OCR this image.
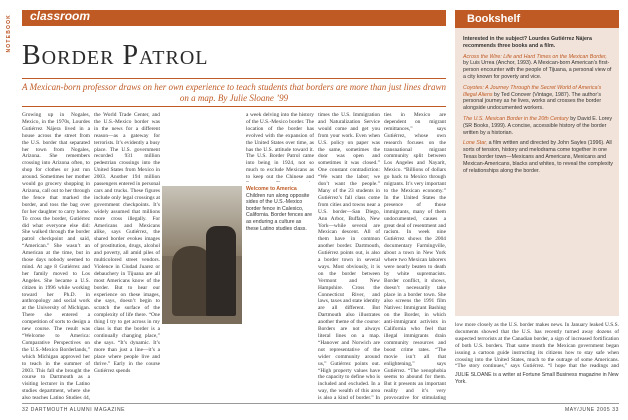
NOTEBOOK classroom
Border Patrol
A Mexican-born professor draws on her own experience to teach students that borders are more than just lines drawn on a map. By Julie Sloane ’99
Growing up in Nogales, Mexico, in the 1970s, Lourdes Gutiérrez Nájera lived in a house across the street from the U.S. border that separated her town from Nogales, Arizona. She remembers crossing into Arizona often, to shop for clothes or just run around. Sometimes her mother would go grocery shopping in Arizona, call out to her through the fence that marked the border, and toss the bag over for her daughter to carry home. To cross the border, Gutiérrez did what everyone else did: She walked through the border patrol checkpoint and said, “American.” She wasn’t an American at the time, but in those days nobody seemed to mind. At age 8 Gutiérrez and her family moved to Los Angeles. She became a U.S. citizen in 1996 while working toward her Ph.D. in anthropology and social work at the University of Michigan. There she entered a competition of sorts to design a new course. The result was “Welcome to America: Comparative Perspectives on the U.S.-Mexico Borderlands,” which Michigan approved her to teach in the summer of 2003. This fall she brought the course to Dartmouth as a visiting lecturer in the Latino studies department, where she also teaches Latino Studies 44,
the World Trade Center, and the U.S.-Mexico border was in the news for a different reason—as a gateway for terrorists. It’s evidently a busy place. The U.S. government recorded 931 million pedestrian crossings into the United States from Mexico in 2003. Another 194 million passengers entered in personal cars and trucks. These figures include only legal crossings at government checkpoints. It’s widely assumed that millions more cross illegally. For Americans and Mexicans alike, says Gutiérrez, the shared border evokes images of prostitution, drugs, alcohol and poverty, all amid piles of multicolored street vendors. Violence in Ciudad Juarez or debauchery in Tijuana are all most Americans know of the border. But to hear our experience on these images, she says, doesn’t begin to scratch the surface of the complexity of life there. “One thing I try to get across in my class is that the border is a continually changing place,” she says. “It’s dynamic. It’s more than just a line—it’s a place where people live and thrive.” Early in the course Gutiérrez spends
Welcome to America Children run along opposite sides of the U.S.-Mexico border fence in Calexico, California. Border fences are as enduring a culture as these Latino studies class.
a week delving into the history of the U.S.-Mexico border. The location of the border has evolved with the expansion of the United States over time, as has the U.S. attitude toward it. The U.S. Border Patrol came into being in 1924, not so much to exclude Mexicans as to keep out the Chinese and
times the U.S. Immigration and Naturalization Service would come and get you from your work. Even when U.S. policy on paper was the same, sometimes the door was open and sometimes it was closed.” One constant contradiction: “We want the labor; we don’t want the people.” Many of the 23 students in Gutiérrez’s fall class come from cities and towns near a U.S. border—San Diego, Ann Arbor, Buffalo, New York—while several are Mexican descent. All of them have in common another border. Dartmouth, Gutiérrez points out, is also a border town in several ways. Most obviously, it is on the border between Vermont and New Hampshire. Cross the Connecticut River, and laws, taxes and state identity are all different. But Dartmouth also illustrates another theme of the course: Borders are not always literal lines on a map. “Hanover and Norwich are not representative of the wider community around us,” Gutiérrez points out. “High property values have the capacity to define who is included and excluded. In a way, the wealth of this area is also a kind of border.” In
ties in Mexico are dependent on migrant remittances,” says Gutiérrez, whose own research focuses on the transnational migrant community split between Los Angeles and Nayarit, Mexico. “Billions of dollars go back to Mexico through migrants. It’s very important to the Mexican economy.” In the United States the presence of those immigrants, many of them undocumented, causes a great deal of resentment and racism. In week nine Gutiérrez shows the 2004 documentary Farmingville, about a town in New York where two Mexican laborers were nearly beaten to death by white supremacists. Border conflict, it shows, doesn’t necessarily take place in a border town. She also screens the 1991 film Natives: Immigrant Bashing on the Border, in which anti-immigrant activists in California who feel that illegal immigrants drain community resources and boost crime rates. “The movie isn’t all that enlightening,” says Gutiérrez. “The xenophobia seems to abound for them. But it presents an important reality and it’s very provocative for stimulating
Bookshelf
Interested in the subject? Lourdes Gutiérrez Nájera recommends three books and a film.
Across the Wire: Life and Hard Times on the Mexican Border, by Luis Urrea (Anchor, 1993). A Mexican-born American’s first-person encounter with the people of Tijuana, a personal view of a city known for poverty and vice.
Coyotes: A Journey Through the Secret World of America’s Illegal Aliens by Ted Conover (Vintage, 1987). The author’s personal journey as he lives, works and crosses the border alongside undocumented workers.
The U.S. Mexican Border in the 20th Century by David E. Lorey (SR Books, 1999). A concise, accessible history of the border written by a historian.
Lone Star, a film written and directed by John Sayles (1996). All sorts of tension, history and melodrama come together in one Texas border town—Mexicans and Americans, Mexicans and Mexican-Americans, blacks and whites, to reveal the complexity of relationships along the border.
low more closely as the U.S. border makes news. In January leaked U.S.S. documents showed that the U.S. has recently turned away dozens of suspected terrorists at the Canadian border, a sign of increased fortification of both U.S. borders. That same month the Mexican government began issuing a cartoon guide instructing its citizens how to stay safe when crossing into the United States, much to the outrage of some Americans. “The story continues,” says Gutiérrez. “I hope that the readings and
JULIE SLOANE is a writer at Fortune Small Business magazine in New York.
32 DARTMOUTH ALUMNI MAGAZINE	MAY/JUNE 2005 33
